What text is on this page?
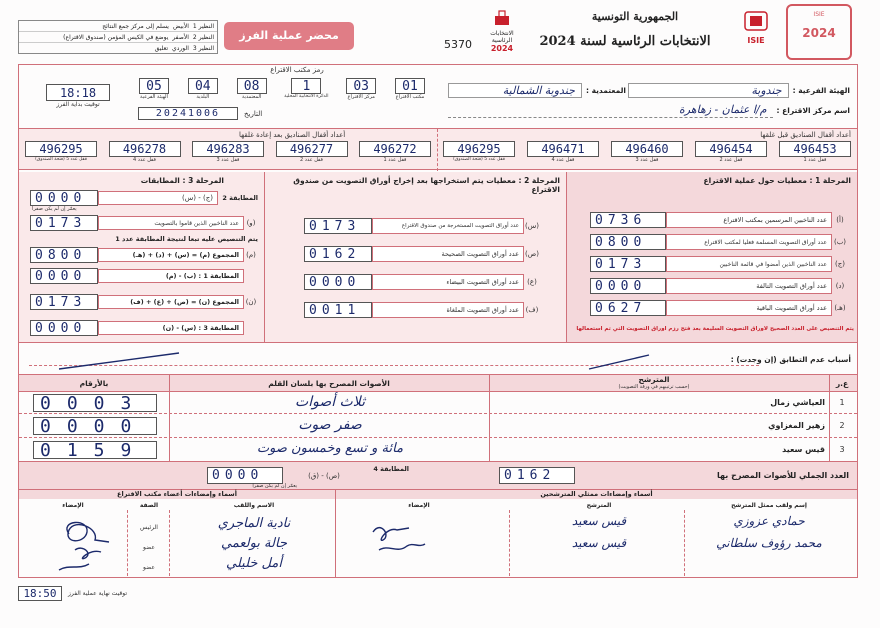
ISIE
2024
ISIE
الجمهورية التونسية
الانتخابات الرئاسية لسنة 2024
الانتخابات الرئاسية
2024
5370
محضر عملية الفرز
النظير 1
الأبيض
يسلم إلى مركز جمع النتائج
النظير 2
الأصفر
يوضع في الكيس المؤمن (صندوق الاقتراع)
النظير 3
الوردي
تعليق
18:18
توقيت بداية الفرز
رمز مكتب الاقتراع
01
مكتب الاقتراع
03
مركز الاقتراع
1
الدائرة الانتخابية المحلية
08
المعتمدية
04
البلدية
05
الهيئة الفرعية
20241006	التاريخ
الهيئة الفرعية :
جندوبة
المعتمدية :
جندوبة الشمالية
اسم مركز الاقتراع :
م/ا عثمان - زهاهرة
أعداد أقفال الصناديق قبل غلقها
496453
قفل عدد 1
496454
قفل عدد 2
496460
قفل عدد 3
496471
قفل عدد 4
496295
قفل عدد 5 (فتحة الصندوق)
أعداد أقفال الصناديق بعد إعادة غلقها
496272
قفل عدد 1
496277
قفل عدد 2
496283
قفل عدد 3
496278
قفل عدد 4
496295
قفل عدد 5 (فتحة الصندوق)
المرحلة 1 : معطيات حول عملية الاقتراع
المرحلة 2 : معطيات يتم استخراجها بعد إخراج أوراق التصويت من صندوق الاقتراع
المرحلة 3 : المطابقات
(أ)
عدد الناخبين المرسمين بمكتب الاقتراع
0736
(ب)
عدد أوراق التصويت المسلمة فعليا لمكتب الاقتراع
0800
(ج)
عدد الناخبين الذين أمضوا في قائمة الناخبين
0173
(د)
عدد أوراق التصويت التالفة
0000
(هـ)
عدد أوراق التصويت الباقية
0627
يتم التنصيص على العدد الصحيح لأوراق التصويت السليمة بعد فتح رزم أوراق التصويت التي تم استعمالها
(س)
عدد أوراق التصويت المستخرجة من صندوق الاقتراع
0173
(ص)
عدد أوراق التصويت الصحيحة
0162
(ع)
عدد أوراق التصويت البيضاء
0000
(ف)
عدد أوراق التصويت الملغاة
0011
المطابقة 2
(ج) - (س)
0000
يعمّر إن لم يكن صفرا
(و)
عدد الناخبين الذين قاموا بالتصويت
0173
يتم التنصيص عليه تبعا لنتيجة المطابقة عدد 1
(م)
المجموع (م) = (س) + (د) + (هـ)
0800
المطابقة 1 : (ب) - (م)
0000
(ن)
المجموع (ن) = (ص) + (ع) + (ف)
0173
المطابقة 3 : (س) - (ن)
0000
أسباب عدم التطابق (إن وجدت) :
ع.ر
المترشح
(حسب ترتيبهم في ورقة التصويت)
الأصوات المصرح بها بلسان القلم
بالأرقام
1
العياشي زمال
ثلاث أصوات
0003
2
زهير المغزاوي
صفر صوت
0000
3
قيس سعيد
مائة و تسع وخمسون صوت
0159
العدد الجملي للأصوات المصرح بها
0162
المطابقة 4
(ص) - (ق)
0000
يعمّر إن لم يكن صفرا
أسماء وإمضاءات ممثلي المترشحين
إسم ولقب ممثل المترشح
المترشح
الإمضاء
حمادي عزوزي
قيس سعيد
محمد رؤوف سلطاني
قيس سعيد
أسماء وإمضاءات أعضاء مكتب الاقتراع
الصفة	الاسم واللقب
الإمضاء
الرئيس	نادية الماجري
عضو	جالة بولعمي
عضو	أمل خليلي
18:50	توقيت نهاية عملية الفرز
